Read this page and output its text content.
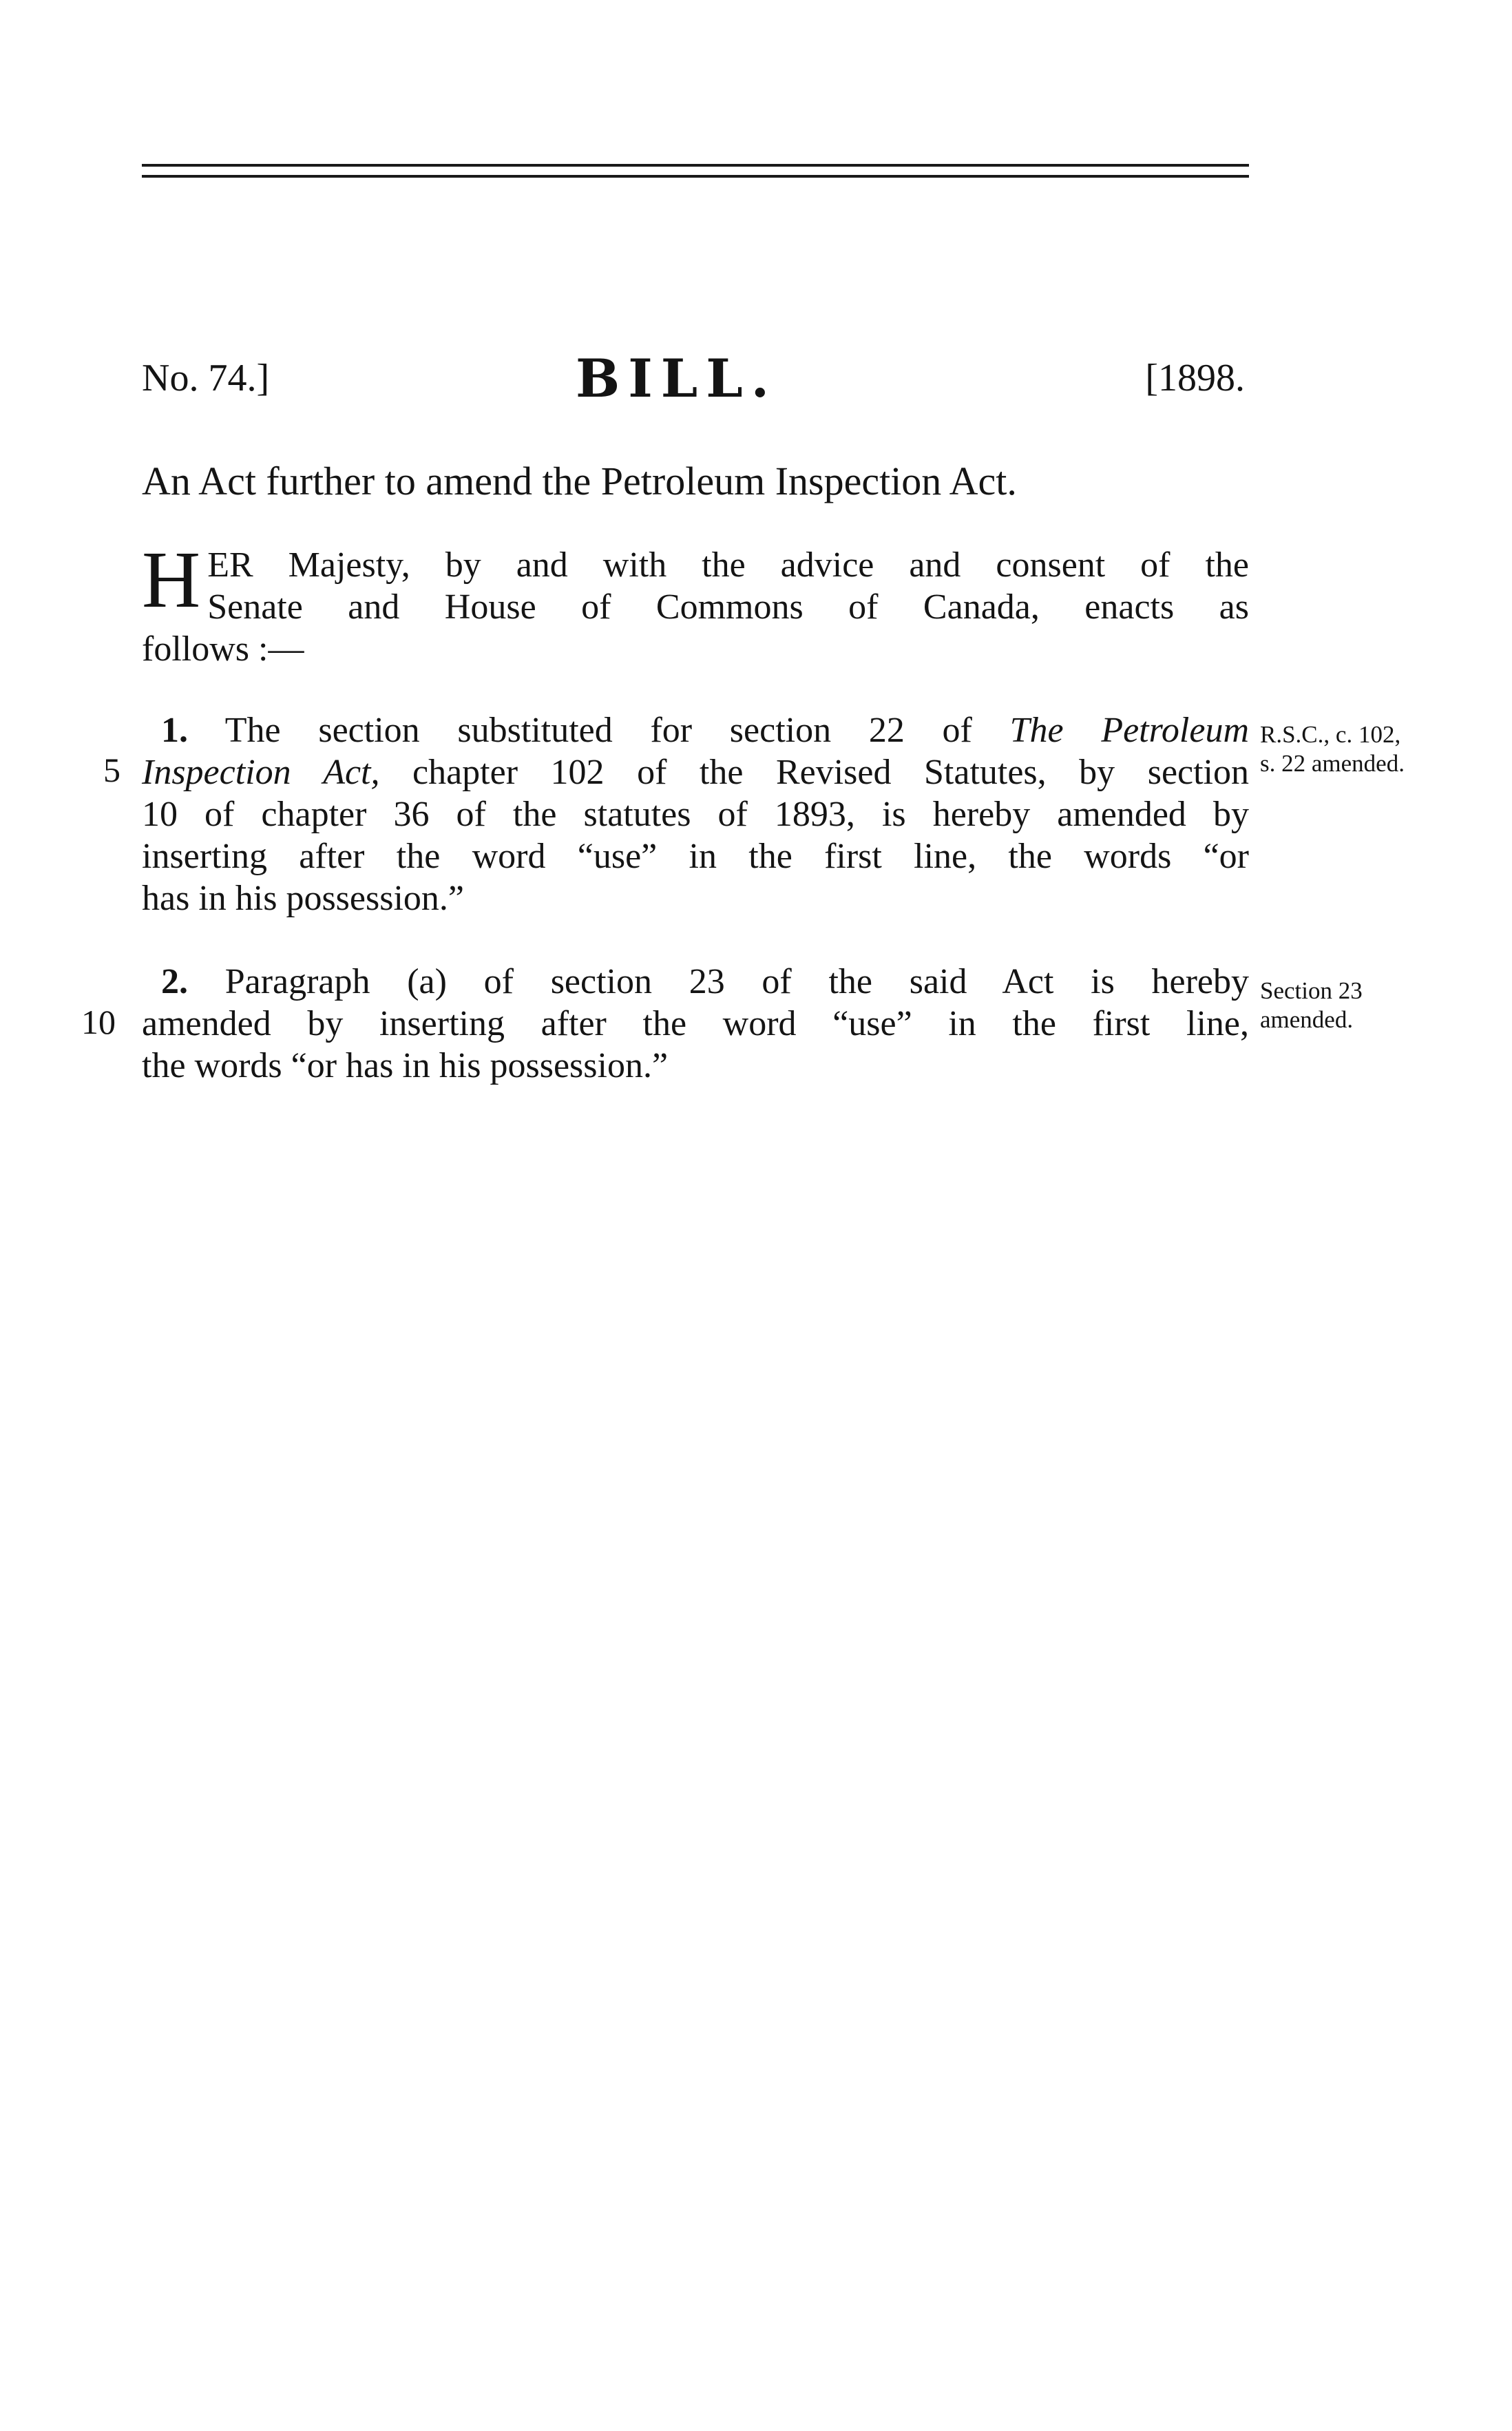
No. 74.]	BILL.	[1898.
An Act further to amend the Petroleum Inspection Act.
H ER Majesty, by and with the advice and consent of the
Senate and House of Commons of Canada, enacts as
follows :—
1. The section substituted for section 22 of The Petroleum
Inspection Act, chapter 102 of the Revised Statutes, by section
10 of chapter 36 of the statutes of 1893, is hereby amended by
inserting after the word “use” in the first line, the words “or
has in his possession.”
2. Paragraph (a) of section 23 of the said Act is hereby
amended by inserting after the word “use” in the first line,
the words “or has in his possession.”
5
10
R.S.C., c. 102,
s. 22 amended.
Section 23
amended.
